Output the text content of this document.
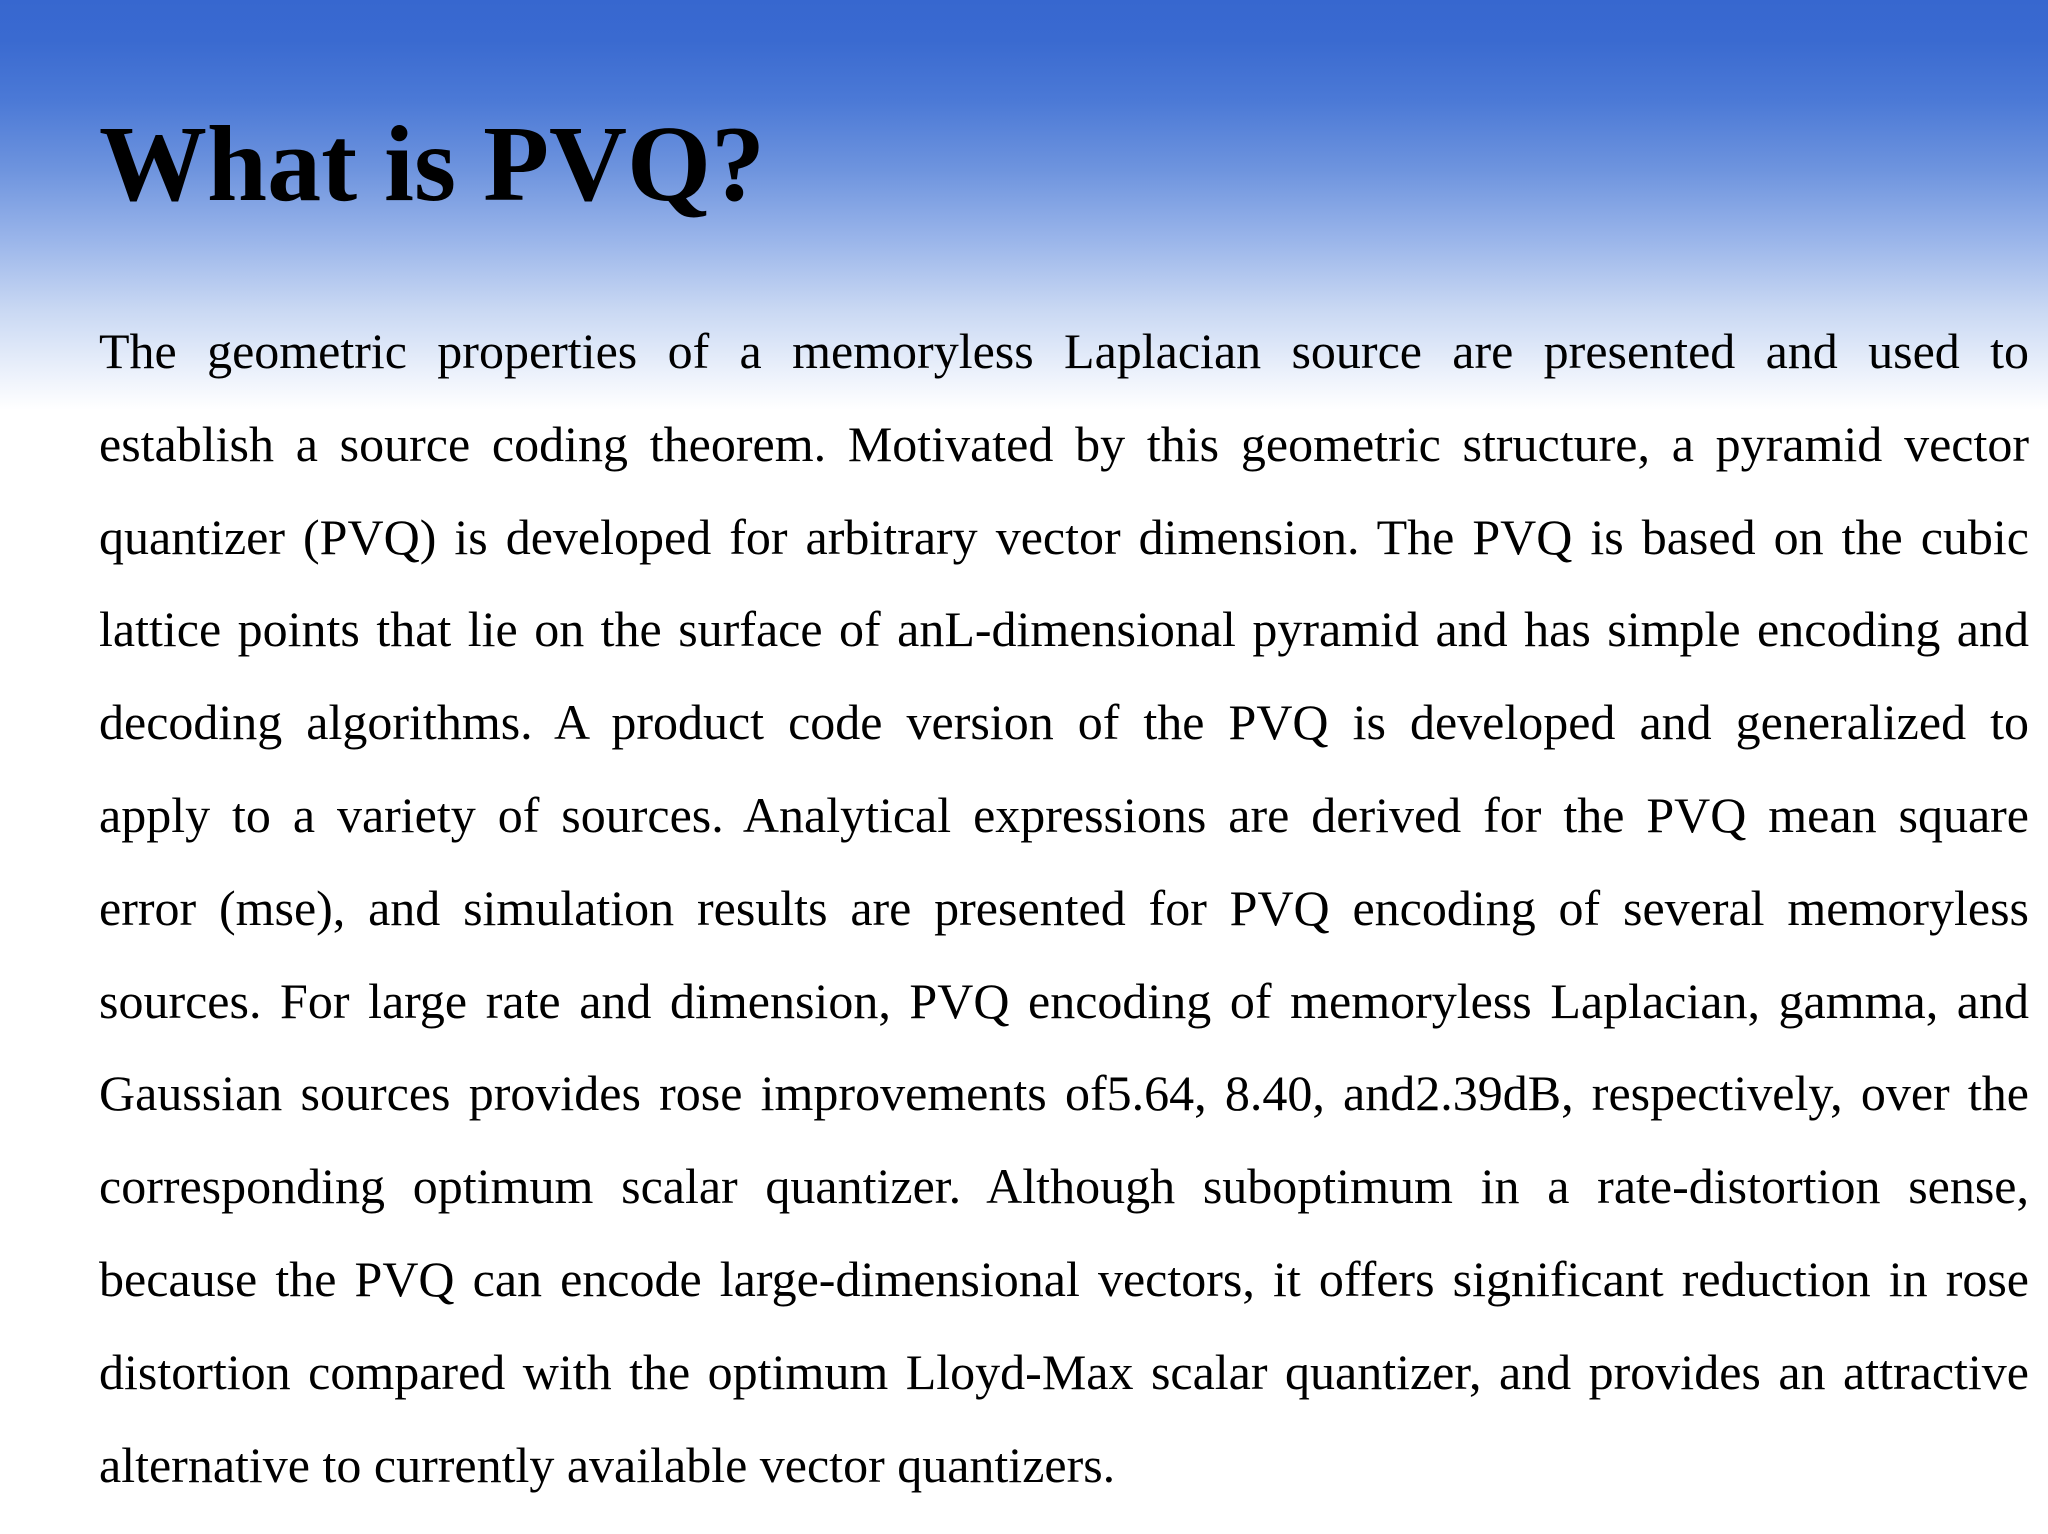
What is PVQ?
The geometric properties of a memoryless Laplacian source are presented and used to
establish a source coding theorem. Motivated by this geometric structure, a pyramid vector
quantizer (PVQ) is developed for arbitrary vector dimension. The PVQ is based on the cubic
lattice points that lie on the surface of anL-dimensional pyramid and has simple encoding and
decoding algorithms. A product code version of the PVQ is developed and generalized to
apply to a variety of sources. Analytical expressions are derived for the PVQ mean square
error (mse), and simulation results are presented for PVQ encoding of several memoryless
sources. For large rate and dimension, PVQ encoding of memoryless Laplacian, gamma, and
Gaussian sources provides rose improvements of5.64, 8.40, and2.39dB, respectively, over the
corresponding optimum scalar quantizer. Although suboptimum in a rate-distortion sense,
because the PVQ can encode large-dimensional vectors, it offers significant reduction in rose
distortion compared with the optimum Lloyd-Max scalar quantizer, and provides an attractive
alternative to currently available vector quantizers.
